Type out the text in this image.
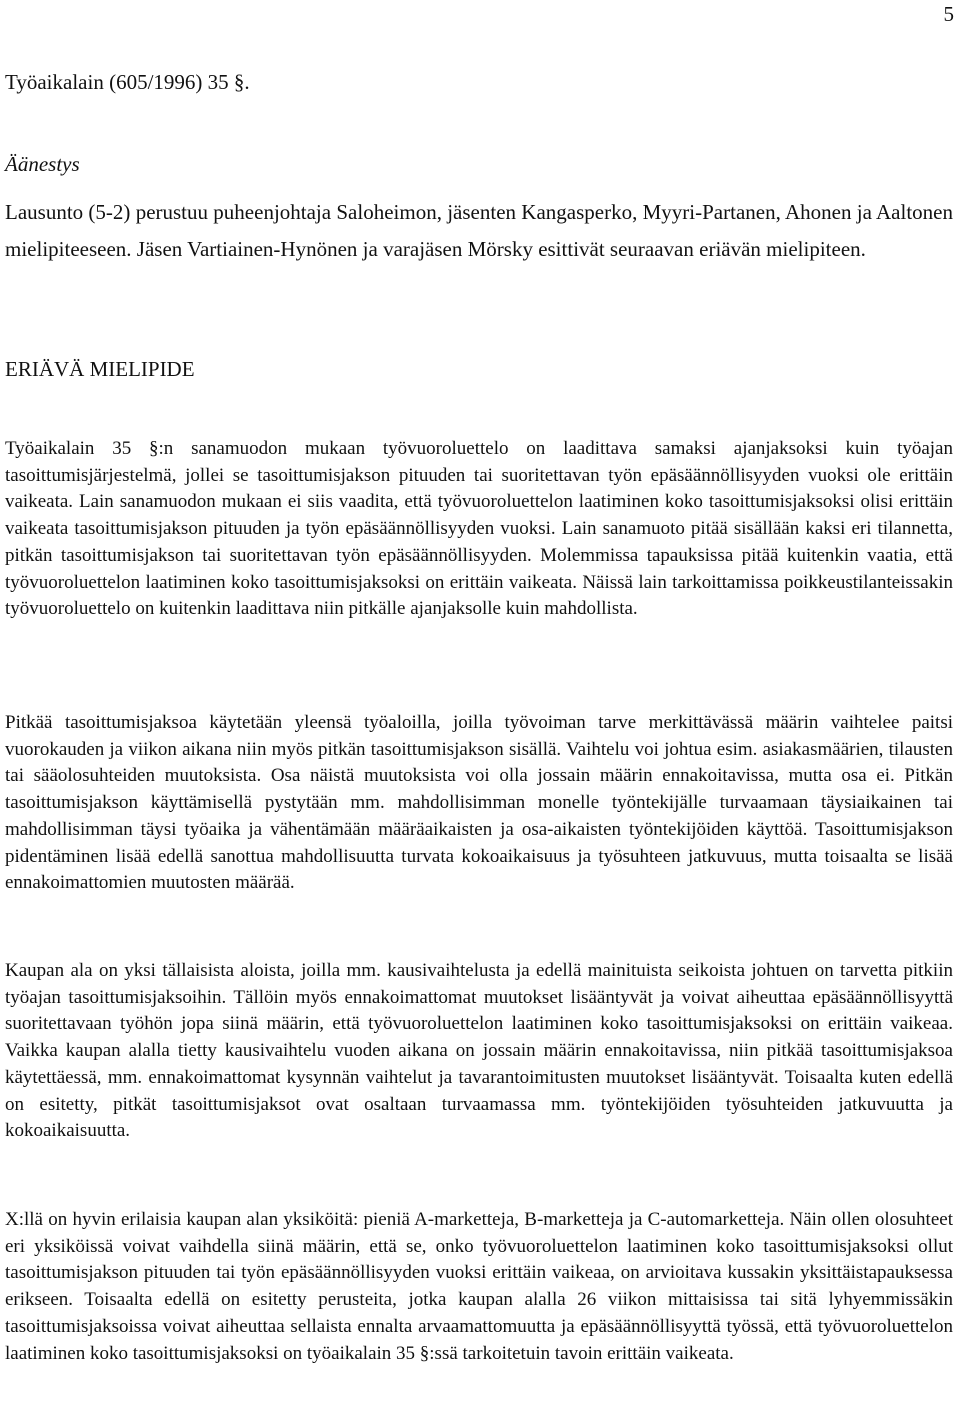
5

Työaikalain (605/1996) 35 §.

Äänestys

Lausunto (5-2) perustuu puheenjohtaja Saloheimon, jäsenten Kangasperko, Myyri-Partanen, Ahonen ja Aaltonen mielipiteeseen. Jäsen Vartiainen-Hynönen ja varajäsen Mörsky esittivät seuraavan eriävän mielipiteen.

ERIÄVÄ MIELIPIDE

Työaikalain 35 §:n sanamuodon mukaan työvuoroluettelo on laadittava samaksi ajanjaksoksi kuin työajan tasoittumisjärjestelmä, jollei se tasoittumisjakson pituuden tai suoritettavan työn epäsäännöllisyyden vuoksi ole erittäin vaikeata. Lain sanamuodon mukaan ei siis vaadita, että työvuoroluettelon laatiminen koko tasoittumisjaksoksi olisi erittäin vaikeata tasoittumisjakson pituuden ja työn epäsäännöllisyyden vuoksi. Lain sanamuoto pitää sisällään kaksi eri tilannetta, pitkän tasoittumisjakson tai suoritettavan työn epäsäännöllisyyden. Molemmissa tapauksissa pitää kuitenkin vaatia, että työvuoroluettelon laatiminen koko tasoittumisjaksoksi on erittäin vaikeata. Näissä lain tarkoittamissa poikkeustilanteissakin työvuoroluettelo on kuitenkin laadittava niin pitkälle ajanjaksolle kuin mahdollista.

Pitkää tasoittumisjaksoa käytetään yleensä työaloilla, joilla työvoiman tarve merkittävässä määrin vaihtelee paitsi vuorokauden ja viikon aikana niin myös pitkän tasoittumisjakson sisällä. Vaihtelu voi johtua esim. asiakasmäärien, tilausten tai sääolosuhteiden muutoksista. Osa näistä muutoksista voi olla jossain määrin ennakoitavissa, mutta osa ei. Pitkän tasoittumisjakson käyttämisellä pystytään mm. mahdollisimman monelle työntekijälle turvaamaan täysiaikainen tai mahdollisimman täysi työaika ja vähentämään määräaikaisten ja osa-aikaisten työntekijöiden käyttöä. Tasoittumisjakson pidentäminen lisää edellä sanottua mahdollisuutta turvata kokoaikaisuus ja työsuhteen jatkuvuus, mutta toisaalta se lisää ennakoimattomien muutosten määrää.

Kaupan ala on yksi tällaisista aloista, joilla mm. kausivaihtelusta ja edellä mainituista seikoista johtuen on tarvetta pitkiin työajan tasoittumisjaksoihin. Tällöin myös ennakoimattomat muutokset lisääntyvät ja voivat aiheuttaa epäsäännöllisyyttä suoritettavaan työhön jopa siinä määrin, että työvuoroluettelon laatiminen koko tasoittumisjaksoksi on erittäin vaikeaa. Vaikka kaupan alalla tietty kausivaihtelu vuoden aikana on jossain määrin ennakoitavissa, niin pitkää tasoittumisjaksoa käytettäessä, mm. ennakoimattomat kysynnän vaihtelut ja tavarantoimitusten muutokset lisääntyvät. Toisaalta kuten edellä on esitetty, pitkät tasoittumisjaksot ovat osaltaan turvaamassa mm. työntekijöiden työsuhteiden jatkuvuutta ja kokoaikaisuutta.

X:llä on hyvin erilaisia kaupan alan yksiköitä: pieniä A-marketteja, B-marketteja ja C-automarketteja. Näin ollen olosuhteet eri yksiköissä voivat vaihdella siinä määrin, että se, onko työvuoroluettelon laatiminen koko tasoittumisjaksoksi ollut tasoittumisjakson pituuden tai työn epäsäännöllisyyden vuoksi erittäin vaikeaa, on arvioitava kussakin yksittäistapauksessa erikseen. Toisaalta edellä on esitetty perusteita, jotka kaupan alalla 26 viikon mittaisissa tai sitä lyhyemmissäkin tasoittumisjaksoissa voivat aiheuttaa sellaista ennalta arvaamattomuutta ja epäsäännöllisyyttä työssä, että työvuoroluettelon laatiminen koko tasoittumisjaksoksi on työaikalain 35 §:ssä tarkoitetuin tavoin erittäin vaikeata.
